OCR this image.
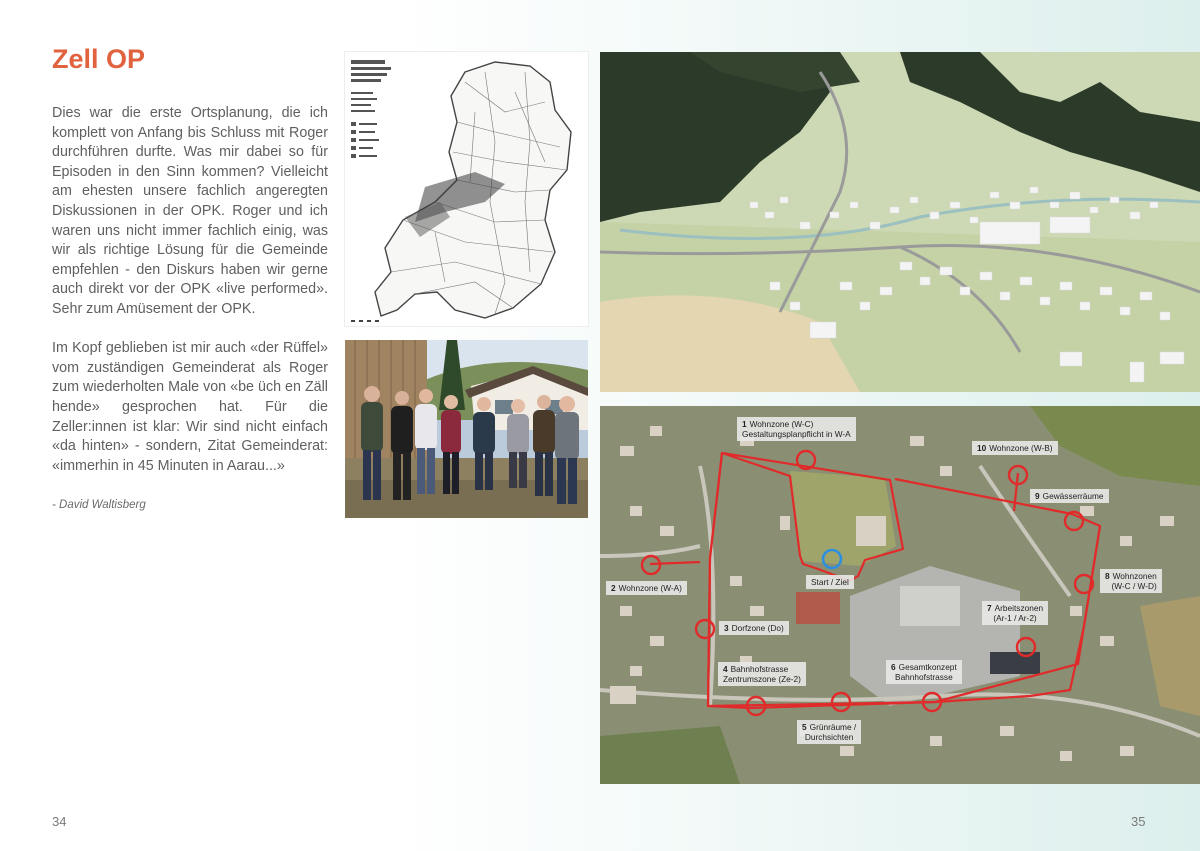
Zell OP

Dies war die erste Ortsplanung, die ich komplett von Anfang bis Schluss mit Roger durchführen durfte. Was mir dabei so für Episoden in den Sinn kommen? Vielleicht am ehesten unsere fachlich angeregten Diskussionen in der OPK. Roger und ich waren uns nicht immer fachlich einig, was wir als richtige Lösung für die Gemeinde empfehlen - den Diskurs haben wir gerne auch direkt vor der OPK «live performed». Sehr zum Amüsement der OPK.

Im Kopf geblieben ist mir auch «der Rüffel» vom zuständigen Gemeinderat als Roger zum wiederholten Male von «be üch en Zäll hende» gesprochen hat. Für die Zeller:innen ist klar: Wir sind nicht einfach «da hinten» - sondern, Zitat Gemeinderat: «immerhin in 45 Minuten in Aarau...»

- David Waltisberg
34	35
1 Wohnzone (W-C)
Gestaltungsplanpflicht in W-A
10 Wohnzone (W-B)
9 Gewässerräume
8 Wohnzonen
(W-C / W-D)
7 Arbeitszonen
(Ar-1 / Ar-2)
6 Gesamtkonzept
Bahnhofstrasse
5 Grünräume /
Durchsichten
4 Bahnhofstrasse
Zentrumszone (Ze-2)
3 Dorfzone (Do)
2 Wohnzone (W-A)
Start / Ziel
